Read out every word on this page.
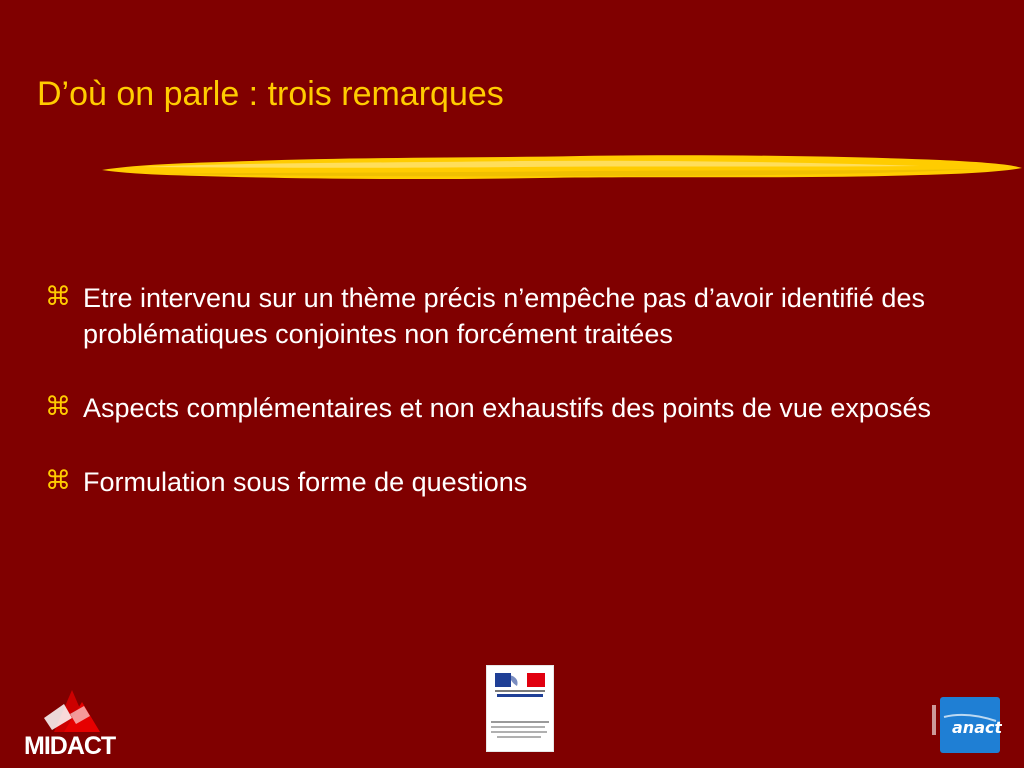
D’où on parle : trois remarques
⌘ Etre intervenu sur un thème précis n’empêche pas d’avoir identifié des problématiques conjointes non forcément traitées
⌘ Aspects complémentaires et non exhaustifs des points de vue exposés
⌘ Formulation sous forme de questions
MIDACT
anact
